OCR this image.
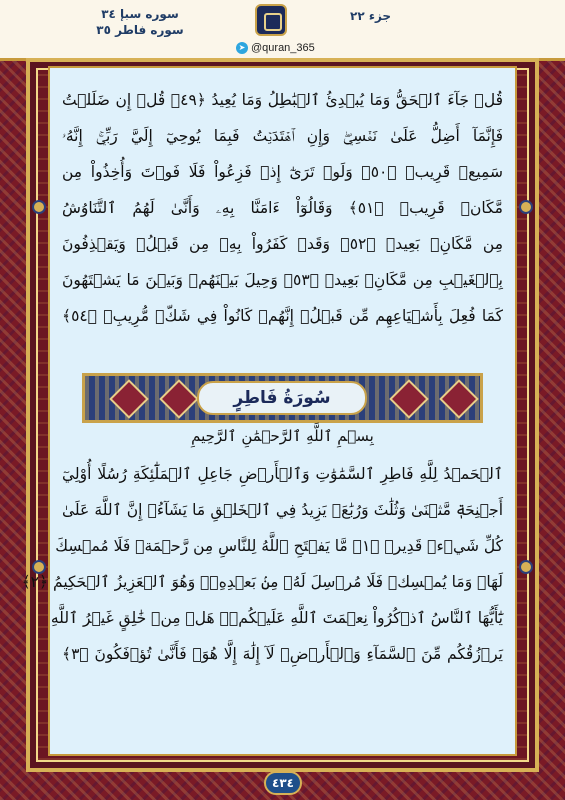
سوره سبإ ٣٤
سوره فاطر ٣٥
جزء ٢٢
➤ @quran_365
قُلۡ جَآءَ ٱلۡحَقُّ وَمَا يُبۡدِئُ ٱلۡبَٰطِلُ وَمَا يُعِيدُ ﴿٤٩﴾ قُلۡ إِن ضَلَلۡتُ
فَإِنَّمَآ أَضِلُّ عَلَىٰ نَفۡسِيۖ وَإِنِ ٱهۡتَدَيۡتُ فَبِمَا يُوحِيٓ إِلَيَّ رَبِّيٓۚ إِنَّهُۥ
سَمِيعٞ قَرِيبٞ ﴿٥٠﴾ وَلَوۡ تَرَىٰٓ إِذۡ فَزِعُواْ فَلَا فَوۡتَ وَأُخِذُواْ مِن
مَّكَانٖ قَرِيبٖ ﴿٥١﴾ وَقَالُوٓاْ ءَامَنَّا بِهِۦ وَأَنَّىٰ لَهُمُ ٱلتَّنَاوُشُ
مِن مَّكَانِۭ بَعِيدٖ ﴿٥٢﴾ وَقَدۡ كَفَرُواْ بِهِۦ مِن قَبۡلُۖ وَيَقۡذِفُونَ
بِٱلۡغَيۡبِ مِن مَّكَانِۭ بَعِيدٖ ﴿٥٣﴾ وَحِيلَ بَيۡنَهُمۡ وَبَيۡنَ مَا يَشۡتَهُونَ
كَمَا فُعِلَ بِأَشۡيَاعِهِم مِّن قَبۡلُۚ إِنَّهُمۡ كَانُواْ فِي شَكّٖ مُّرِيبِۭ ﴿٥٤﴾
سُورَةُ فَاطِرٍ
بِسۡمِ ٱللَّهِ ٱلرَّحۡمَٰنِ ٱلرَّحِيمِ
ٱلۡحَمۡدُ لِلَّهِ فَاطِرِ ٱلسَّمَٰوَٰتِ وَٱلۡأَرۡضِ جَاعِلِ ٱلۡمَلَٰٓئِكَةِ رُسُلًا أُوْلِيٓ
أَجۡنِحَةٖ مَّثۡنَىٰ وَثُلَٰثَ وَرُبَٰعَۚ يَزِيدُ فِي ٱلۡخَلۡقِ مَا يَشَآءُۚ إِنَّ ٱللَّهَ عَلَىٰ
كُلِّ شَيۡءٖ قَدِيرٞ ﴿١﴾ مَّا يَفۡتَحِ ٱللَّهُ لِلنَّاسِ مِن رَّحۡمَةٖ فَلَا مُمۡسِكَ
لَهَاۖ وَمَا يُمۡسِكۡ فَلَا مُرۡسِلَ لَهُۥ مِنۢ بَعۡدِهِۦۚ وَهُوَ ٱلۡعَزِيزُ ٱلۡحَكِيمُ ﴿٢﴾
يَٰٓأَيُّهَا ٱلنَّاسُ ٱذۡكُرُواْ نِعۡمَتَ ٱللَّهِ عَلَيۡكُمۡۚ هَلۡ مِنۡ خَٰلِقٍ غَيۡرُ ٱللَّهِ
يَرۡزُقُكُم مِّنَ ٱلسَّمَآءِ وَٱلۡأَرۡضِۚ لَآ إِلَٰهَ إِلَّا هُوَۖ فَأَنَّىٰ تُؤۡفَكُونَ ﴿٣﴾
٤٣٤
